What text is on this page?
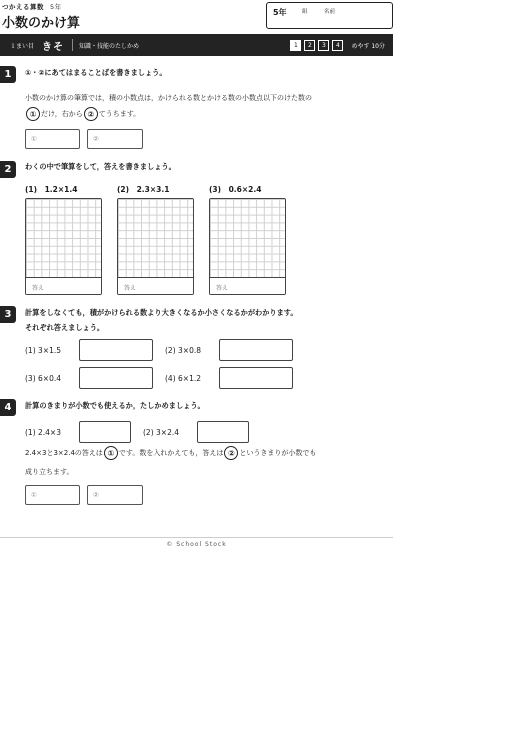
つかえる算数 5年
小数のかけ算
5年	組	名前
１まい目 きそ	知識・技能のたしかめ	1	2	3	4	めやす 10分
1	①・②にあてはまることばを書きましょう。
小数のかけ算の筆算では，積の小数点は，かけられる数とかける数の小数点以下のけた数の
① だけ，右から ② てうちます。
①	②
2	わくの中で筆算をして，答えを書きましょう。
(1)　1.2×1.4
答え
(2)　2.3×3.1
答え
(3)　0.6×2.4
答え
3	計算をしなくても，積がかけられる数より大きくなるか小さくなるかがわかります。
それぞれ答えましょう。
(1) 3×1.5	(2) 3×0.8
(3) 6×0.4	(4) 6×1.2
4	計算のきまりが小数でも使えるか，たしかめましょう。
(1) 2.4×3	(2) 3×2.4
2.4×3と3×2.4の答えは ① です。数を入れかえても，答えは ② というきまりが小数でも
成り立ちます。
①	②
© School Stock
